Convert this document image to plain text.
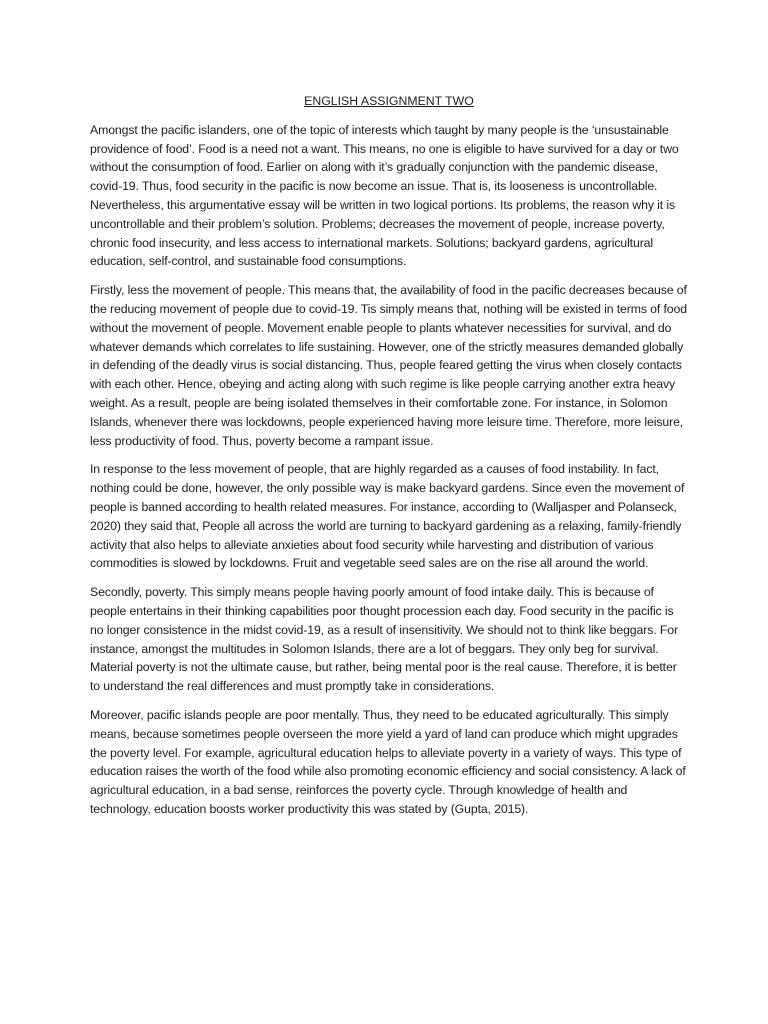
ENGLISH ASSIGNMENT TWO

Amongst the pacific islanders, one of the topic of interests which taught by many people is the ‘unsustainable providence of food’. Food is a need not a want. This means, no one is eligible to have survived for a day or two without the consumption of food. Earlier on along with it’s gradually conjunction with the pandemic disease, covid-19. Thus, food security in the pacific is now become an issue. That is, its looseness is uncontrollable. Nevertheless, this argumentative essay will be written in two logical portions. Its problems, the reason why it is uncontrollable and their problem’s solution. Problems; decreases the movement of people, increase poverty, chronic food insecurity, and less access to international markets. Solutions; backyard gardens, agricultural education, self-control, and sustainable food consumptions.

Firstly, less the movement of people. This means that, the availability of food in the pacific decreases because of the reducing movement of people due to covid-19. Tis simply means that, nothing will be existed in terms of food without the movement of people. Movement enable people to plants whatever necessities for survival, and do whatever demands which correlates to life sustaining. However, one of the strictly measures demanded globally in defending of the deadly virus is social distancing. Thus, people feared getting the virus when closely contacts with each other. Hence, obeying and acting along with such regime is like people carrying another extra heavy weight. As a result, people are being isolated themselves in their comfortable zone. For instance, in Solomon Islands, whenever there was lockdowns, people experienced having more leisure time. Therefore, more leisure, less productivity of food. Thus, poverty become a rampant issue.

In response to the less movement of people, that are highly regarded as a causes of food instability. In fact, nothing could be done, however, the only possible way is make backyard gardens. Since even the movement of people is banned according to health related measures. For instance, according to (Walljasper and Polanseck, 2020) they said that, People all across the world are turning to backyard gardening as a relaxing, family-friendly activity that also helps to alleviate anxieties about food security while harvesting and distribution of various commodities is slowed by lockdowns. Fruit and vegetable seed sales are on the rise all around the world.

Secondly, poverty. This simply means people having poorly amount of food intake daily. This is because of people entertains in their thinking capabilities poor thought procession each day. Food security in the pacific is no longer consistence in the midst covid-19, as a result of insensitivity. We should not to think like beggars. For instance, amongst the multitudes in Solomon Islands, there are a lot of beggars. They only beg for survival. Material poverty is not the ultimate cause, but rather, being mental poor is the real cause. Therefore, it is better to understand the real differences and must promptly take in considerations.

Moreover, pacific islands people are poor mentally. Thus, they need to be educated agriculturally. This simply means, because sometimes people overseen the more yield a yard of land can produce which might upgrades the poverty level. For example, agricultural education helps to alleviate poverty in a variety of ways. This type of education raises the worth of the food while also promoting economic efficiency and social consistency. A lack of agricultural education, in a bad sense, reinforces the poverty cycle. Through knowledge of health and technology, education boosts worker productivity this was stated by (Gupta, 2015).
